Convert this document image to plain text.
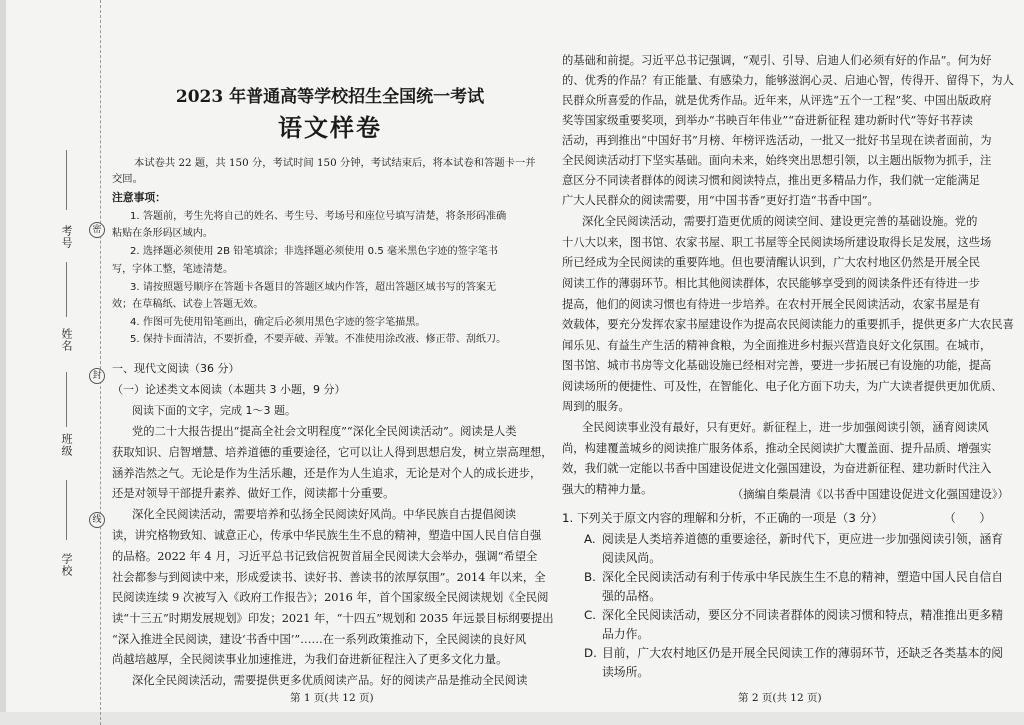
考号
姓名
班级
学校
密
封
线
2023 年普通高等学校招生全国统一考试
语文样卷
本试卷共 22 题，共 150 分，考试时间 150 分钟，考试结束后，将本试卷和答题卡一并
交回。
注意事项：
1. 答题前，考生先将自己的姓名、考生号、考场号和座位号填写清楚，将条形码准确
粘贴在条形码区域内。
2. 选择题必须使用 2B 铅笔填涂；非选择题必须使用 0.5 毫米黑色字迹的签字笔书
写，字体工整，笔迹清楚。
3. 请按照题号顺序在答题卡各题目的答题区域内作答，超出答题区域书写的答案无
效；在草稿纸、试卷上答题无效。
4. 作图可先使用铅笔画出，确定后必须用黑色字迹的签字笔描黑。
5. 保持卡面清洁，不要折叠，不要弄破、弄皱。不准使用涂改液、修正带、刮纸刀。
一、现代文阅读（36 分）
（一）论述类文本阅读（本题共 3 小题，9 分）
阅读下面的文字，完成 1～3 题。
党的二十大报告提出“提高全社会文明程度”“深化全民阅读活动”。阅读是人类
获取知识、启智增慧、培养道德的重要途径，它可以让人得到思想启发，树立崇高理想，
涵养浩然之气。无论是作为生活乐趣，还是作为人生追求，无论是对个人的成长进步，
还是对领导干部提升素养、做好工作，阅读都十分重要。
深化全民阅读活动，需要培养和弘扬全民阅读好风尚。中华民族自古提倡阅读
读，讲究格物致知、诚意正心，传承中华民族生生不息的精神，塑造中国人民自信自强
的品格。2022 年 4 月，习近平总书记致信祝贺首届全民阅读大会举办，强调“希望全
社会都参与到阅读中来，形成爱读书、读好书、善读书的浓厚氛围”。2014 年以来，全
民阅读连续 9 次被写入《政府工作报告》；2016 年，首个国家级全民阅读规划《全民阅
读“十三五”时期发展规划》印发；2021 年，“十四五”规划和 2035 年远景目标纲要提出
“深入推进全民阅读，建设‘书香中国’”……在一系列政策推动下，全民阅读的良好风
尚越培越厚，全民阅读事业加速推进，为我们奋进新征程注入了更多文化力量。
深化全民阅读活动，需要提供更多优质阅读产品。好的阅读产品是推动全民阅读
第 1 页(共 12 页)
的基础和前提。习近平总书记强调，“观引、引导、启迪人们必须有好的作品”。何为好
的、优秀的作品？有正能量、有感染力，能够滋润心灵、启迪心智，传得开、留得下，为人
民群众所喜爱的作品，就是优秀作品。近年来，从评选“五个一工程”奖、中国出版政府
奖等国家级重要奖项，到举办“书映百年伟业”“奋进新征程 建功新时代”等好书荐读
活动，再到推出“中国好书”月榜、年榜评选活动，一批又一批好书呈现在读者面前，为
全民阅读活动打下坚实基础。面向未来，始终突出思想引领，以主题出版物为抓手，注
意区分不同读者群体的阅读习惯和阅读特点，推出更多精品力作，我们就一定能满足
广大人民群众的阅读需要，用“中国书香”更好打造“书香中国”。
深化全民阅读活动，需要打造更优质的阅读空间、建设更完善的基础设施。党的
十八大以来，图书馆、农家书屋、职工书屋等全民阅读场所建设取得长足发展，这些场
所已经成为全民阅读的重要阵地。但也要清醒认识到，广大农村地区仍然是开展全民
阅读工作的薄弱环节。相比其他阅读群体，农民能够享受到的阅读条件还有待进一步
提高，他们的阅读习惯也有待进一步培养。在农村开展全民阅读活动，农家书屋是有
效载体，要充分发挥农家书屋建设作为提高农民阅读能力的重要抓手，提供更多广大农民喜
闻乐见、有益生产生活的精神食粮，为全面推进乡村振兴营造良好文化氛围。在城市，
图书馆、城市书房等文化基础设施已经相对完善，要进一步拓展已有设施的功能，提高
阅读场所的便捷性、可及性，在智能化、电子化方面下功夫，为广大读者提供更加优质、
周到的服务。
全民阅读事业没有最好，只有更好。新征程上，进一步加强阅读引领，涵育阅读风
尚，构建覆盖城乡的阅读推广服务体系，推动全民阅读扩大覆盖面、提升品质、增强实
效，我们就一定能以书香中国建设促进文化强国建设，为奋进新征程、建功新时代注入
强大的精神力量。	（摘编自柴晨清《以书香中国建设促进文化强国建设》）
1. 下列关于原文内容的理解和分析，不正确的一项是（3 分）	（　　）
A. 阅读是人类培养道德的重要途径，新时代下，更应进一步加强阅读引领，涵育
阅读风尚。
B. 深化全民阅读活动有利于传承中华民族生生不息的精神，塑造中国人民自信自
强的品格。
C. 深化全民阅读活动，要区分不同读者群体的阅读习惯和特点，精准推出更多精
品力作。
D. 目前，广大农村地区仍是开展全民阅读工作的薄弱环节，还缺乏各类基本的阅
读场所。
第 2 页(共 12 页)
